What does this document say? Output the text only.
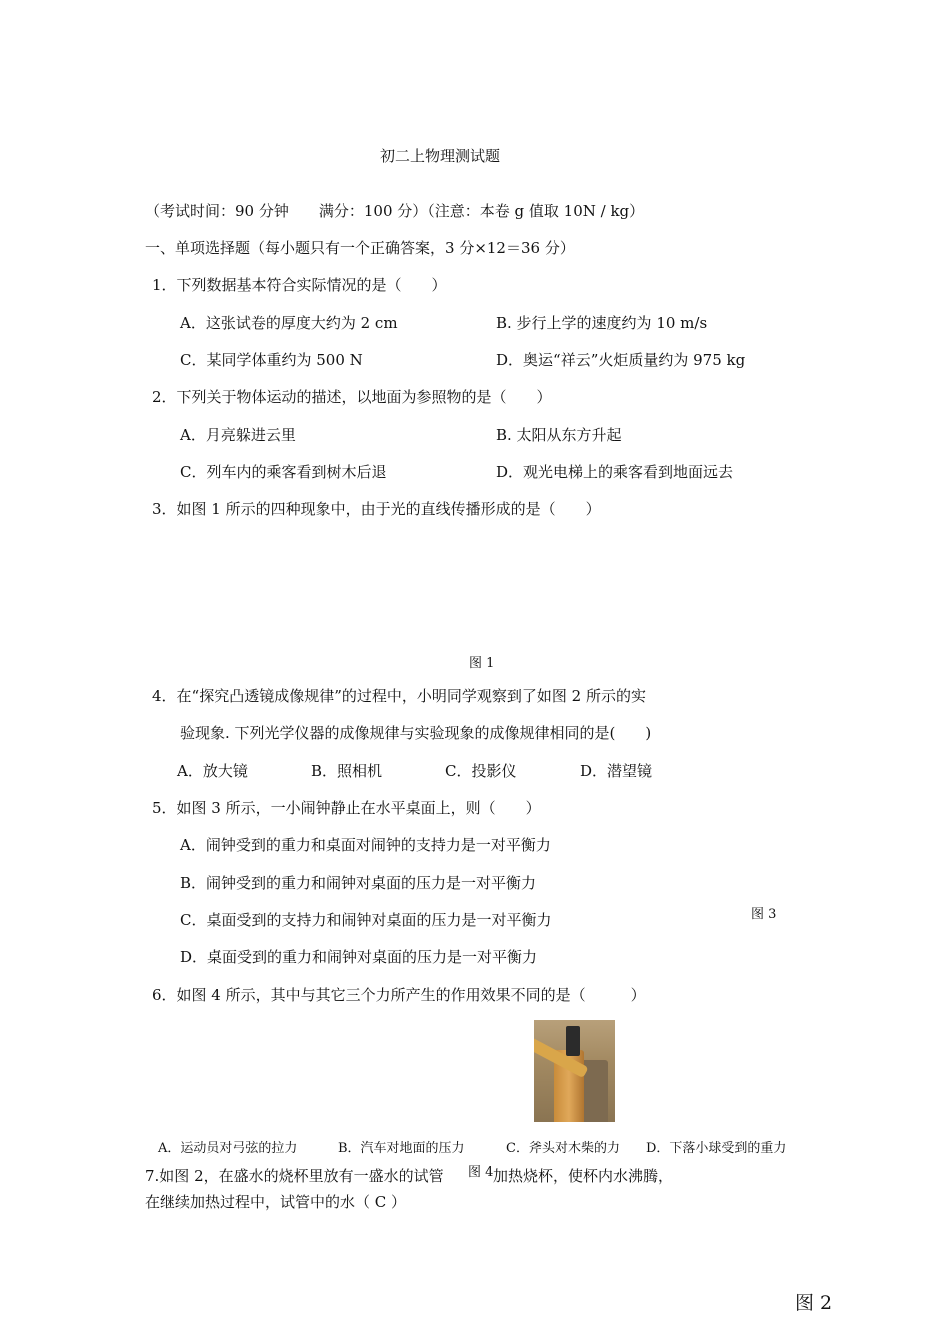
初二上物理测试题
（考试时间：90 分钟　　满分：100 分）（注意：本卷 g 值取 10N / kg）
一、单项选择题（每小题只有一个正确答案，3 分×12＝36 分）
1．下列数据基本符合实际情况的是（　　）
A．这张试卷的厚度大约为 2 cm	B. 步行上学的速度约为 10 m/s
C．某同学体重约为 500 N	D．奥运“祥云”火炬质量约为 975 kg
2．下列关于物体运动的描述，以地面为参照物的是（　　）
A．月亮躲进云里	B. 太阳从东方升起
C．列车内的乘客看到树木后退	D．观光电梯上的乘客看到地面远去
3．如图 1 所示的四种现象中，由于光的直线传播形成的是（　　）
图 1
4．在“探究凸透镜成像规律”的过程中，小明同学观察到了如图 2 所示的实
验现象. 下列光学仪器的成像规律与实验现象的成像规律相同的是(　　)
A．放大镜	B．照相机	C．投影仪	D．潜望镜
5．如图 3 所示，一小闹钟静止在水平桌面上，则（　　）
A．闹钟受到的重力和桌面对闹钟的支持力是一对平衡力
B．闹钟受到的重力和闹钟对桌面的压力是一对平衡力
C．桌面受到的支持力和闹钟对桌面的压力是一对平衡力	图 3
D．桌面受到的重力和闹钟对桌面的压力是一对平衡力
6．如图 4 所示，其中与其它三个力所产生的作用效果不同的是（　　　）
A．运动员对弓弦的拉力	B．汽车对地面的压力	C．斧头对木柴的力 D．下落小球受到的重力
7.如图 2，在盛水的烧杯里放有一盛水的试管 图 4 加热烧杯，使杯内水沸腾，
在继续加热过程中，试管中的水（ C ）
图 2
